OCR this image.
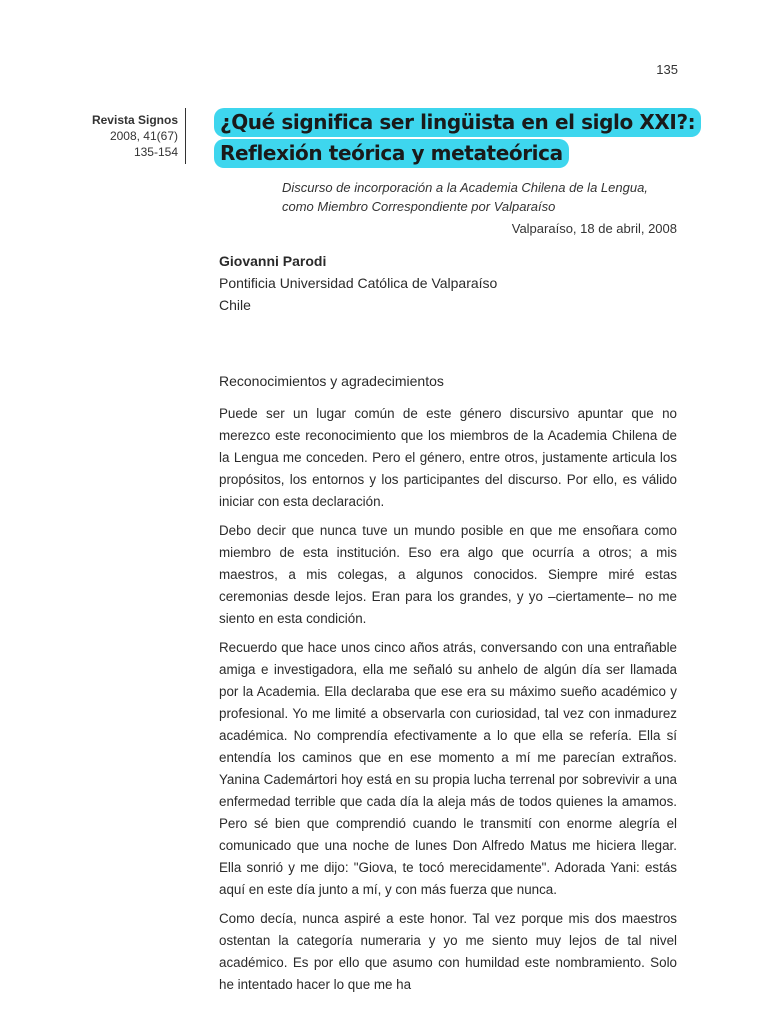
135
Revista Signos
2008, 41(67)
135-154
¿Qué significa ser lingüista en el siglo XXI?:
Reflexión teórica y metateórica
Discurso de incorporación a la Academia Chilena de la Lengua,
como Miembro Correspondiente por Valparaíso
Valparaíso, 18 de abril, 2008
Giovanni Parodi
Pontificia Universidad Católica de Valparaíso
Chile
Reconocimientos y agradecimientos

Puede ser un lugar común de este género discursivo apuntar que no merezco este reconocimiento que los miembros de la Academia Chilena de la Lengua me conceden. Pero el género, entre otros, justamente articula los propósitos, los entornos y los participantes del discurso. Por ello, es válido iniciar con esta declaración.

Debo decir que nunca tuve un mundo posible en que me ensoñara como miembro de esta institución. Eso era algo que ocurría a otros; a mis maestros, a mis colegas, a algunos conocidos. Siempre miré estas ceremonias desde lejos. Eran para los grandes, y yo –ciertamente– no me siento en esta condición.

Recuerdo que hace unos cinco años atrás, conversando con una entrañable amiga e investigadora, ella me señaló su anhelo de algún día ser llamada por la Academia. Ella declaraba que ese era su máximo sueño académico y profesional. Yo me limité a observarla con curiosidad, tal vez con inmadurez académica. No comprendía efectivamente a lo que ella se refería. Ella sí entendía los caminos que en ese momento a mí me parecían extraños. Yanina Cademártori hoy está en su propia lucha terrenal por sobrevivir a una enfermedad terrible que cada día la aleja más de todos quienes la amamos. Pero sé bien que comprendió cuando le transmití con enorme alegría el comunicado que una noche de lunes Don Alfredo Matus me hiciera llegar. Ella sonrió y me dijo: "Giova, te tocó merecidamente". Adorada Yani: estás aquí en este día junto a mí, y con más fuerza que nunca.

Como decía, nunca aspiré a este honor. Tal vez porque mis dos maestros ostentan la categoría numeraria y yo me siento muy lejos de tal nivel académico. Es por ello que asumo con humildad este nombramiento. Solo he intentado hacer lo que me ha
